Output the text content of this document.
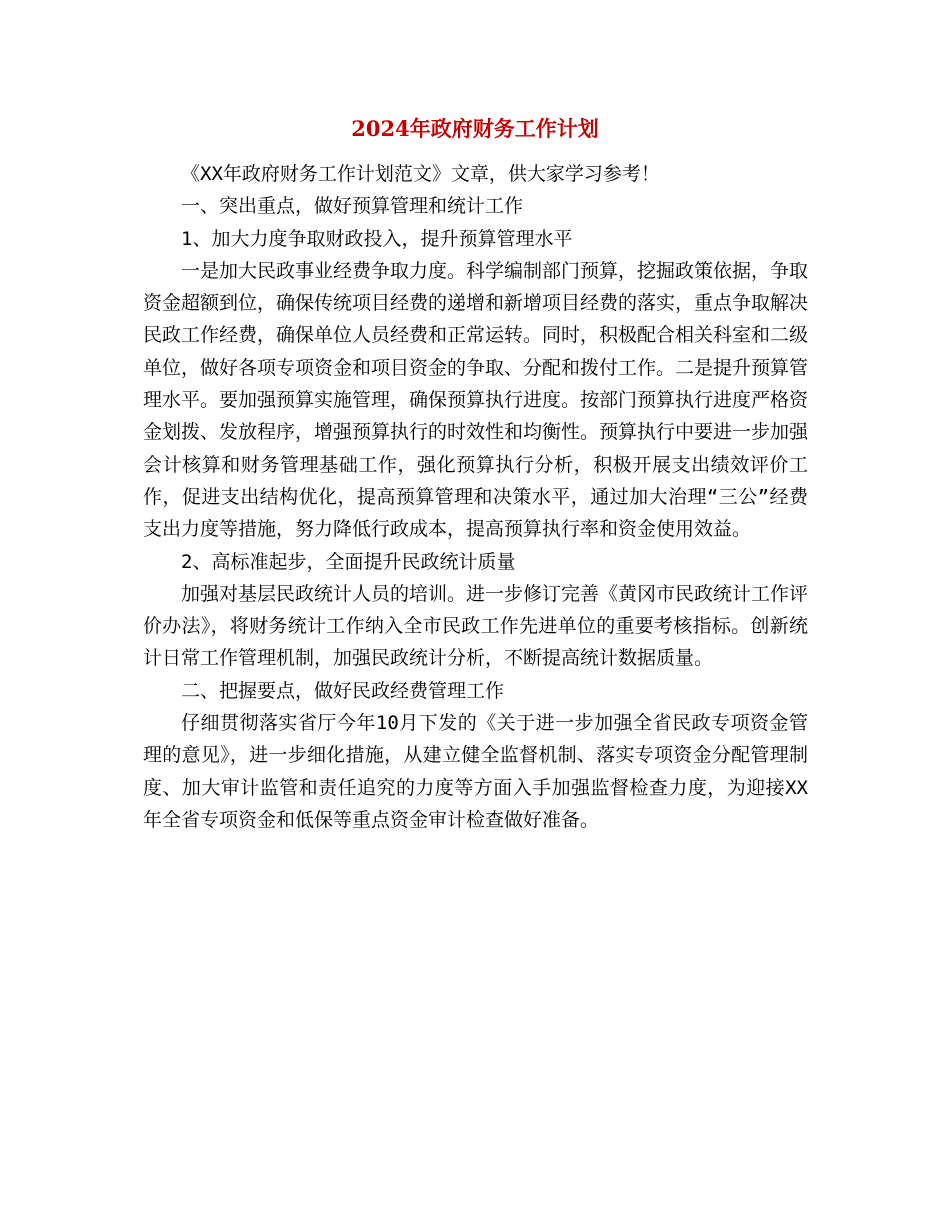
2024年政府财务工作计划

《XX年政府财务工作计划范文》文章，供大家学习参考！

一、突出重点，做好预算管理和统计工作

1、加大力度争取财政投入，提升预算管理水平

一是加大民政事业经费争取力度。科学编制部门预算，挖掘政策依据，争取资金超额到位，确保传统项目经费的递增和新增项目经费的落实，重点争取解决民政工作经费，确保单位人员经费和正常运转。同时，积极配合相关科室和二级单位，做好各项专项资金和项目资金的争取、分配和拨付工作。二是提升预算管理水平。要加强预算实施管理，确保预算执行进度。按部门预算执行进度严格资金划拨、发放程序，增强预算执行的时效性和均衡性。预算执行中要进一步加强会计核算和财务管理基础工作，强化预算执行分析，积极开展支出绩效评价工作，促进支出结构优化，提高预算管理和决策水平，通过加大治理“三公”经费支出力度等措施，努力降低行政成本，提高预算执行率和资金使用效益。

2、高标准起步，全面提升民政统计质量

加强对基层民政统计人员的培训。进一步修订完善《黄冈市民政统计工作评价办法》，将财务统计工作纳入全市民政工作先进单位的重要考核指标。创新统计日常工作管理机制，加强民政统计分析，不断提高统计数据质量。

二、把握要点，做好民政经费管理工作

仔细贯彻落实省厅今年10月下发的《关于进一步加强全省民政专项资金管理的意见》，进一步细化措施，从建立健全监督机制、落实专项资金分配管理制度、加大审计监管和责任追究的力度等方面入手加强监督检查力度，为迎接XX年全省专项资金和低保等重点资金审计检查做好准备。
